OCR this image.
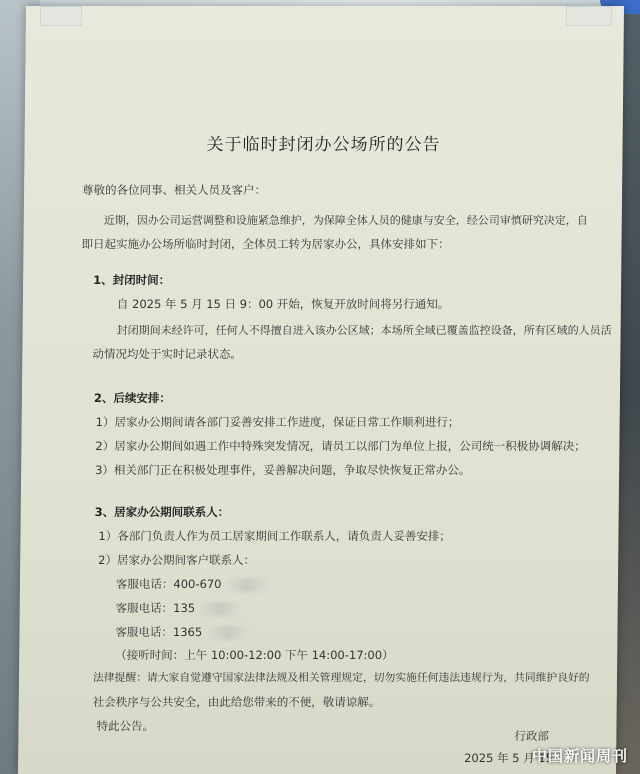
关于临时封闭办公场所的公告
尊敬的各位同事、相关人员及客户：
近期，因办公司运营调整和设施紧急维护，为保障全体人员的健康与安全，经公司审慎研究决定，自
即日起实施办公场所临时封闭，全体员工转为居家办公，具体安排如下：
1、封闭时间：
自 2025 年 5 月 15 日 9：00 开始，恢复开放时间将另行通知。
封闭期间未经许可，任何人不得擅自进入该办公区域；本场所全域已覆盖监控设备，所有区域的人员活
动情况均处于实时记录状态。
2、后续安排：
1）居家办公期间请各部门妥善安排工作进度，保证日常工作顺利进行；
2）居家办公期间如遇工作中特殊突发情况，请员工以部门为单位上报，公司统一积极协调解决；
3）相关部门正在积极处理事件，妥善解决问题，争取尽快恢复正常办公。
3、居家办公期间联系人：
1）各部门负责人作为员工居家期间工作联系人，请负责人妥善安排；
2）居家办公期间客户联系人：
客服电话：400-670
客服电话：135
客服电话：1365
（接听时间：上午 10:00-12:00 下午 14:00-17:00）
法律提醒：请大家自觉遵守国家法律法规及相关管理规定，切勿实施任何违法违规行为，共同维护良好的
社会秩序与公共安全，由此给您带来的不便，敬请谅解。
特此公告。
行政部
2025 年 5 月 15
中国新闻周刊
